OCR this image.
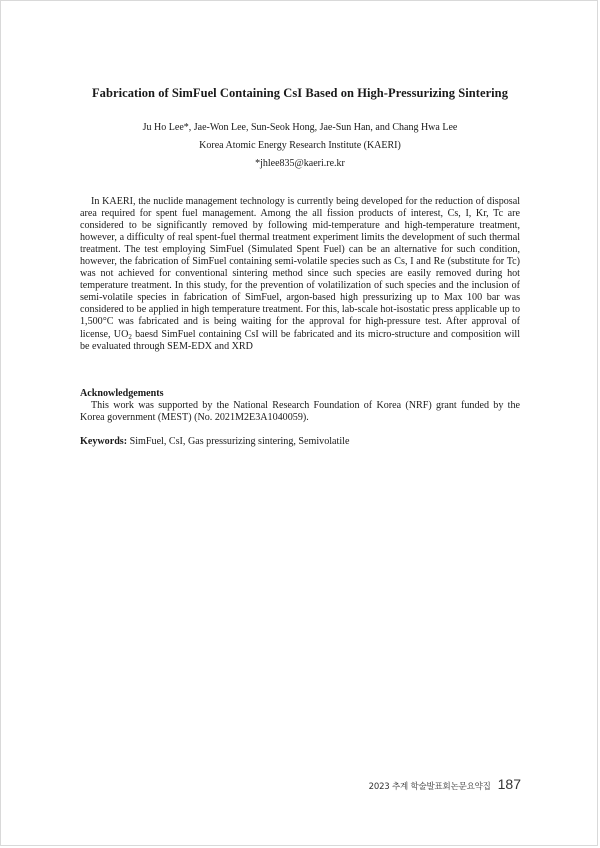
Fabrication of SimFuel Containing CsI Based on High-Pressurizing Sintering
Ju Ho Lee*, Jae-Won Lee, Sun-Seok Hong, Jae-Sun Han, and Chang Hwa Lee
Korea Atomic Energy Research Institute (KAERI)
*jhlee835@kaeri.re.kr

In KAERI, the nuclide management technology is currently being developed for the reduction of disposal area required for spent fuel management. Among the all fission products of interest, Cs, I, Kr, Tc are considered to be significantly removed by following mid-temperature and high-temperature treatment, however, a difficulty of real spent-fuel thermal treatment experiment limits the development of such thermal treatment. The test employing SimFuel (Simulated Spent Fuel) can be an alternative for such condition, however, the fabrication of SimFuel containing semi-volatile species such as Cs, I and Re (substitute for Tc) was not achieved for conventional sintering method since such species are easily removed during hot temperature treatment. In this study, for the prevention of volatilization of such species and the inclusion of semi-volatile species in fabrication of SimFuel, argon-based high pressurizing up to Max 100 bar was considered to be applied in high temperature treatment. For this, lab-scale hot-isostatic press applicable up to 1,500°C was fabricated and is being waiting for the approval for high-pressure test. After approval of license, $UO_2$ baesd SimFuel containing CsI will be fabricated and its micro-structure and composition will be evaluated through SEM-EDX and XRD

Acknowledgements

This work was supported by the National Research Foundation of Korea (NRF) grant funded by the Korea government (MEST) (No. 2021M2E3A1040059).

Keywords: SimFuel, CsI, Gas pressurizing sintering, Semivolatile
2023 추계 학술발표회논문요약집 187
